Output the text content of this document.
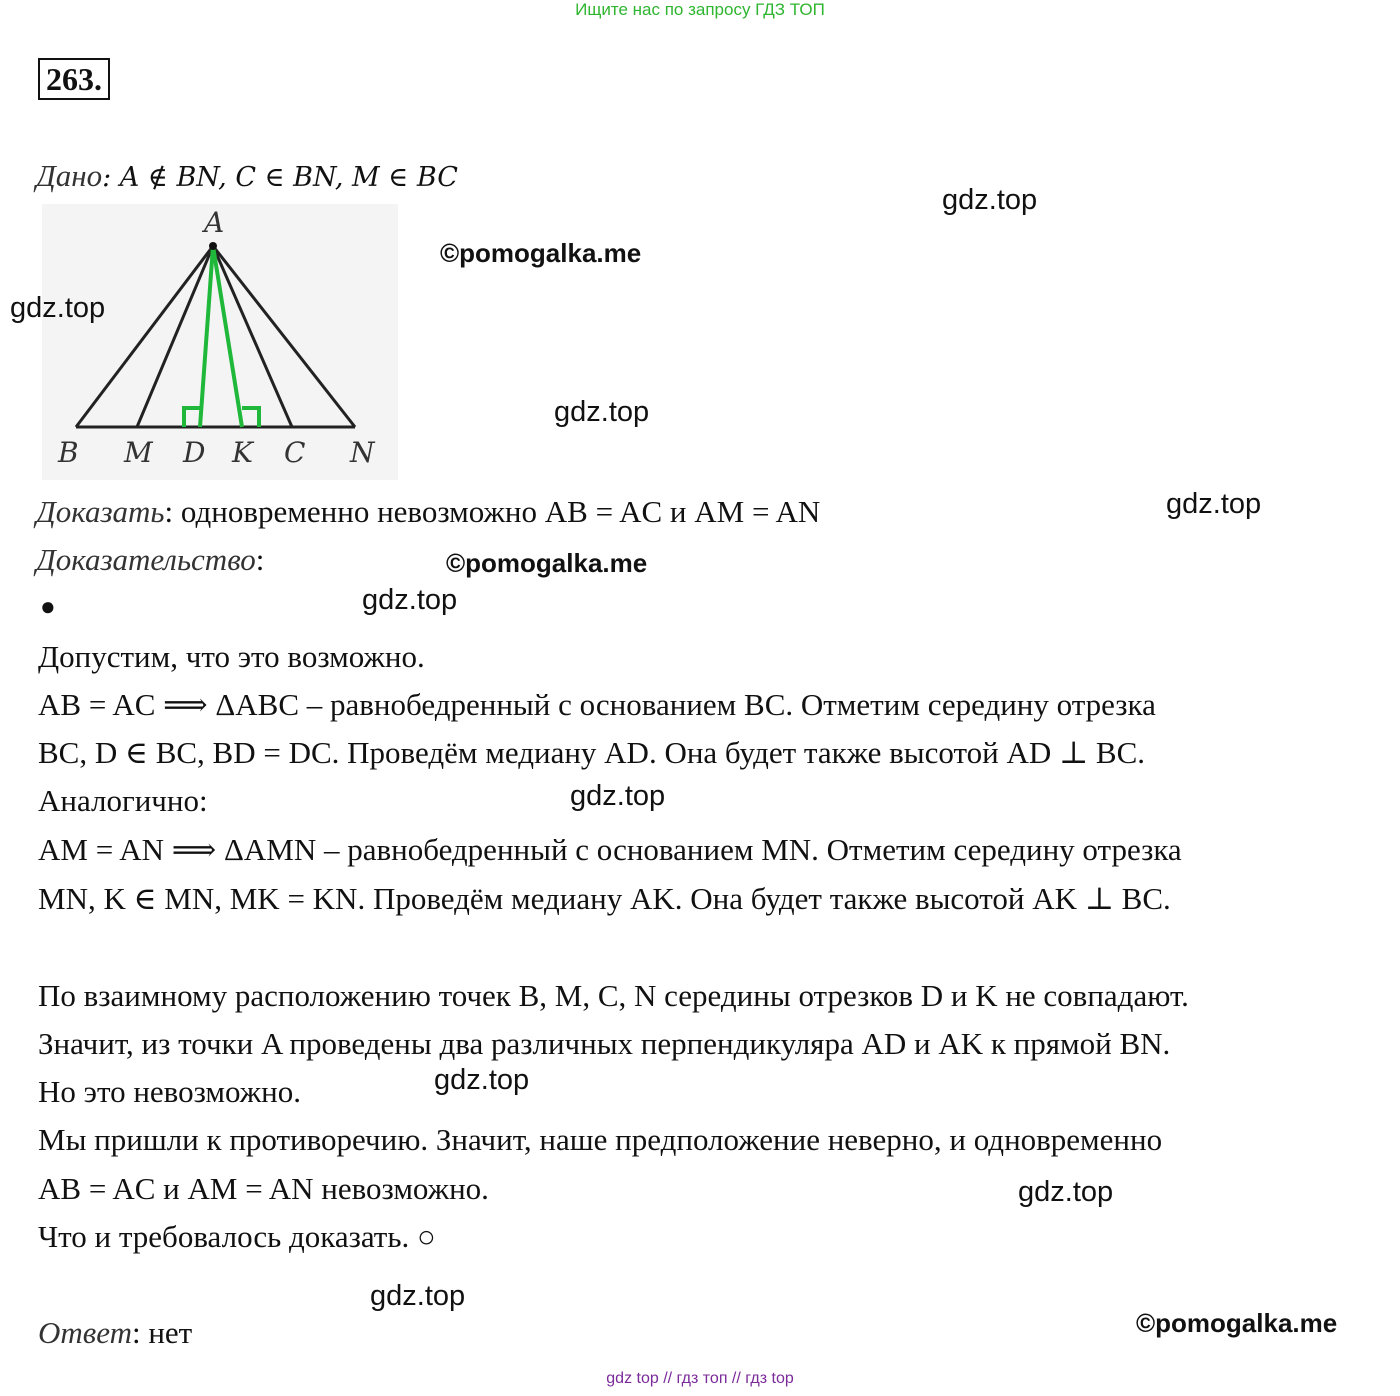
Ищите нас по запросу ГДЗ ТОП
263.
Дано: A ∉ BN, C ∈ BN, M ∈ BC
A
B M D K C N
Доказать: одновременно невозможно AB = AC и AM = AN
Доказательство:
●
Допустим, что это возможно.
AB = AC ⟹ ΔABC – равнобедренный с основанием BC. Отметим середину отрезка
BC, D ∈ BC, BD = DC. Проведём медиану AD. Она будет также высотой AD ⊥ BC.
Аналогично:
AM = AN ⟹ ΔAMN – равнобедренный с основанием MN. Отметим середину отрезка
MN, K ∈ MN, MK = KN. Проведём медиану AK. Она будет также высотой AK ⊥ BC.
По взаимному расположению точек B, M, C, N середины отрезков D и K не совпадают.
Значит, из точки A проведены два различных перпендикуляра AD и AK к прямой BN.
Но это невозможно.
Мы пришли к противоречию. Значит, наше предположение неверно, и одновременно
AB = AC и AM = AN невозможно.
Что и требовалось доказать. ○
Ответ: нет
gdz.top
©pomogalka.me
gdz.top
gdz.top
gdz.top
©pomogalka.me
gdz.top
gdz.top
gdz.top
gdz.top
gdz.top
©pomogalka.me
gdz top // гдз топ // гдз top
